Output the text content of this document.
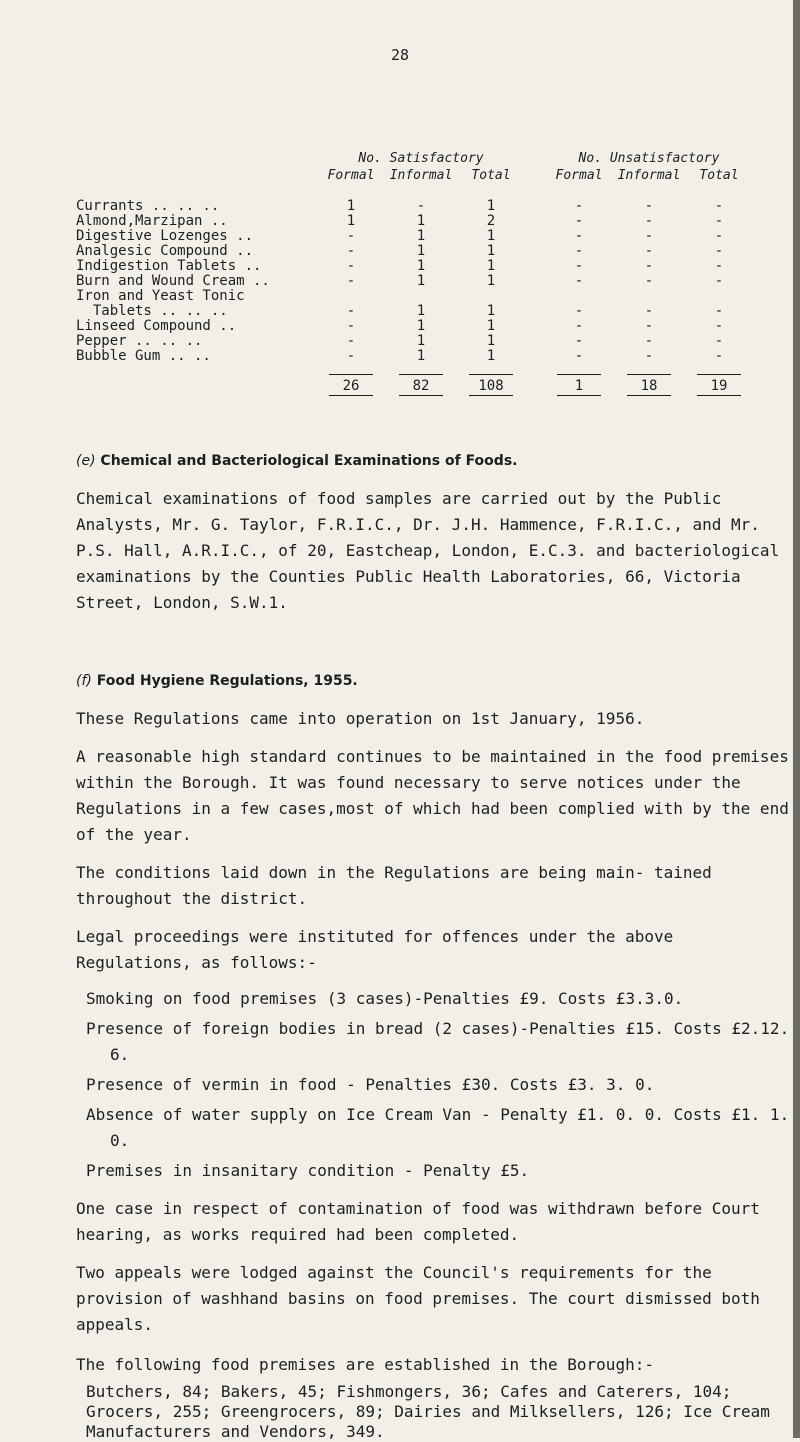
28
	No. Satisfactory				No. Unsatisfactory		
	Formal	Informal	Total		Formal	Informal	Total

Currants .. .. ..	1	-	1		-	-	-
Almond,Marzipan ..	1	1	2		-	-	-
Digestive Lozenges ..	-	1	1		-	-	-
Analgesic Compound ..	-	1	1		-	-	-
Indigestion Tablets ..	-	1	1		-	-	-
Burn and Wound Cream ..	-	1	1		-	-	-
Iron and Yeast Tonic							
Tablets .. .. ..	-	1	1		-	-	-
Linseed Compound ..	-	1	1		-	-	-
Pepper .. .. ..	-	1	1		-	-	-
Bubble Gum .. ..	-	1	1		-	-	-

	26	82	108		1	18	19

(e) Chemical and Bacteriological Examinations of Foods.

Chemical examinations of food samples are carried out by the Public Analysts, Mr. G. Taylor, F.R.I.C., Dr. J.H. Hammence, F.R.I.C., and Mr. P.S. Hall, A.R.I.C., of 20, Eastcheap, London, E.C.3. and bacteriological examinations by the Counties Public Health Laboratories, 66, Victoria Street, London, S.W.1.

(f) Food Hygiene Regulations, 1955.

These Regulations came into operation on 1st January, 1956.

A reasonable high standard continues to be maintained in the food premises within the Borough. It was found necessary to serve notices under the Regulations in a few cases,most of which had been complied with by the end of the year.

The conditions laid down in the Regulations are being main- tained throughout the district.

Legal proceedings were instituted for offences under the above Regulations, as follows:-

Smoking on food premises (3 cases)-Penalties £9. Costs £3.3.0.

Presence of foreign bodies in bread (2 cases)-Penalties £15. Costs £2.12. 6.

Presence of vermin in food - Penalties £30. Costs £3. 3. 0.

Absence of water supply on Ice Cream Van - Penalty £1. 0. 0. Costs £1. 1. 0.

Premises in insanitary condition - Penalty £5.

One case in respect of contamination of food was withdrawn before Court hearing, as works required had been completed.

Two appeals were lodged against the Council's requirements for the provision of washhand basins on food premises. The court dismissed both appeals.

The following food premises are established in the Borough:-

Butchers, 84; Bakers, 45; Fishmongers, 36; Cafes and Caterers, 104; Grocers, 255; Greengrocers, 89; Dairies and Milksellers, 126; Ice Cream Manufacturers and Vendors, 349.
